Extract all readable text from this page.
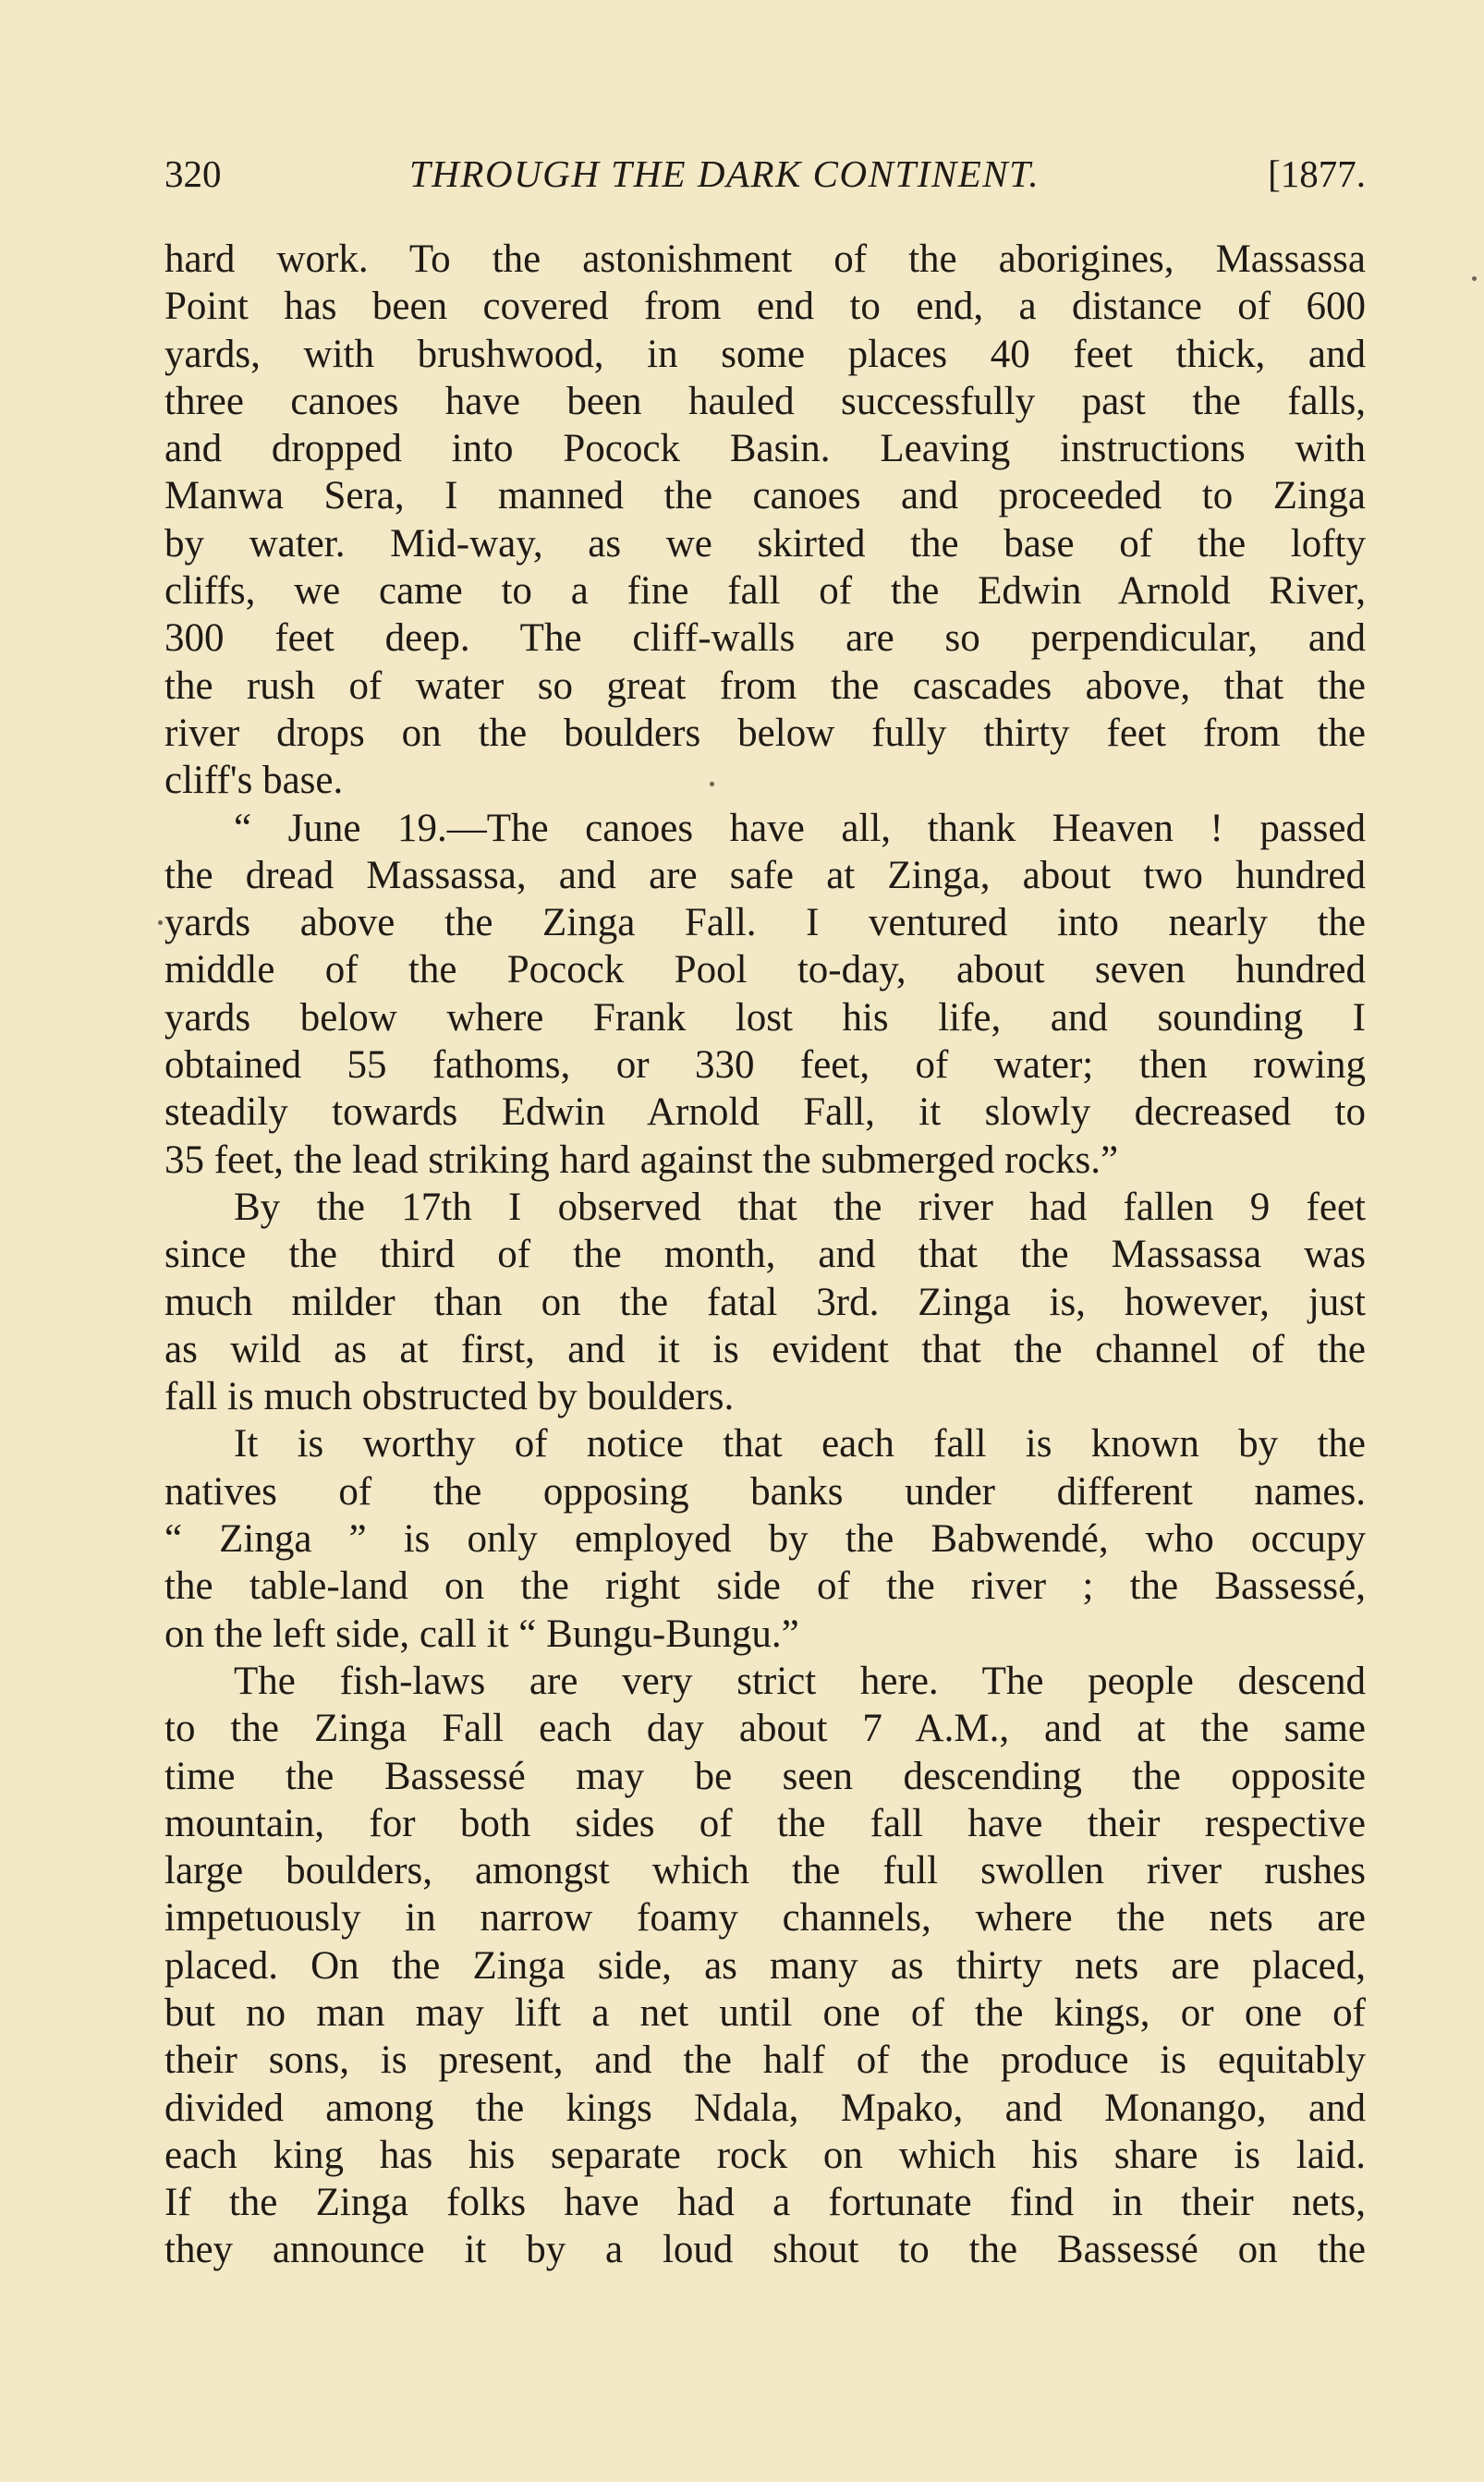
320	THROUGH THE DARK CONTINENT.	[1877.
hard work. To the astonishment of the aborigines, Massassa
Point has been covered from end to end, a distance of 600
yards, with brushwood, in some places 40 feet thick, and
three canoes have been hauled successfully past the falls,
and dropped into Pocock Basin. Leaving instructions with
Manwa Sera, I manned the canoes and proceeded to Zinga
by water. Mid-way, as we skirted the base of the lofty
cliffs, we came to a fine fall of the Edwin Arnold River,
300 feet deep. The cliff-walls are so perpendicular, and
the rush of water so great from the cascades above, that the
river drops on the boulders below fully thirty feet from the
cliff's base.
“ June 19.—The canoes have all, thank Heaven ! passed
the dread Massassa, and are safe at Zinga, about two hundred
yards above the Zinga Fall. I ventured into nearly the
middle of the Pocock Pool to-day, about seven hundred
yards below where Frank lost his life, and sounding I
obtained 55 fathoms, or 330 feet, of water; then rowing
steadily towards Edwin Arnold Fall, it slowly decreased to
35 feet, the lead striking hard against the submerged rocks.”
By the 17th I observed that the river had fallen 9 feet
since the third of the month, and that the Massassa was
much milder than on the fatal 3rd. Zinga is, however, just
as wild as at first, and it is evident that the channel of the
fall is much obstructed by boulders.
It is worthy of notice that each fall is known by the
natives of the opposing banks under different names.
“ Zinga ” is only employed by the Babwendé, who occupy
the table-land on the right side of the river ; the Bassessé,
on the left side, call it “ Bungu-Bungu.”
The fish-laws are very strict here. The people descend
to the Zinga Fall each day about 7 A.M., and at the same
time the Bassessé may be seen descending the opposite
mountain, for both sides of the fall have their respective
large boulders, amongst which the full swollen river rushes
impetuously in narrow foamy channels, where the nets are
placed. On the Zinga side, as many as thirty nets are placed,
but no man may lift a net until one of the kings, or one of
their sons, is present, and the half of the produce is equitably
divided among the kings Ndala, Mpako, and Monango, and
each king has his separate rock on which his share is laid.
If the Zinga folks have had a fortunate find in their nets,
they announce it by a loud shout to the Bassessé on the
